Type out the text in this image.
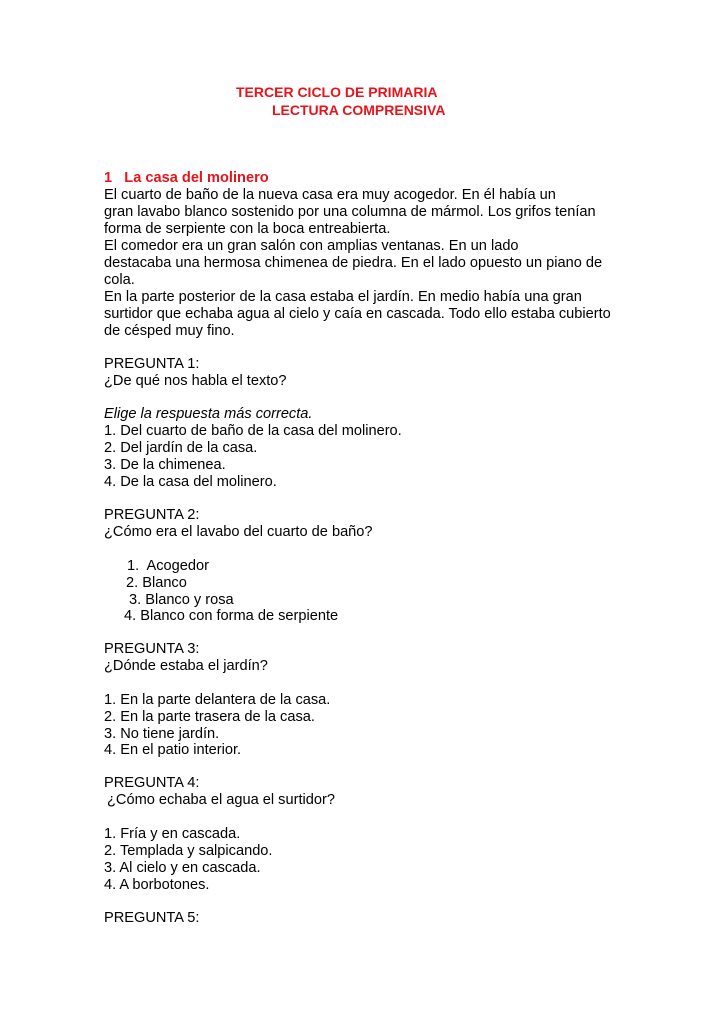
TERCER CICLO DE PRIMARIA
LECTURA COMPRENSIVA
1 La casa del molinero
El cuarto de baño de la nueva casa era muy acogedor. En él había un
gran lavabo blanco sostenido por una columna de mármol. Los grifos tenían
forma de serpiente con la boca entreabierta.
El comedor era un gran salón con amplias ventanas. En un lado
destacaba una hermosa chimenea de piedra. En el lado opuesto un piano de
cola.
En la parte posterior de la casa estaba el jardín. En medio había una gran
surtidor que echaba agua al cielo y caía en cascada. Todo ello estaba cubierto
de césped muy fino.
PREGUNTA 1:
¿De qué nos habla el texto?
Elige la respuesta más correcta.
1. Del cuarto de baño de la casa del molinero.
2. Del jardín de la casa.
3. De la chimenea.
4. De la casa del molinero.
PREGUNTA 2:
¿Cómo era el lavabo del cuarto de baño?
1.  Acogedor
2. Blanco
3. Blanco y rosa
4. Blanco con forma de serpiente
PREGUNTA 3:
¿Dónde estaba el jardín?
1. En la parte delantera de la casa.
2. En la parte trasera de la casa.
3. No tiene jardín.
4. En el patio interior.
PREGUNTA 4:
¿Cómo echaba el agua el surtidor?
1. Fría y en cascada.
2. Templada y salpicando.
3. Al cielo y en cascada.
4. A borbotones.
PREGUNTA 5:
